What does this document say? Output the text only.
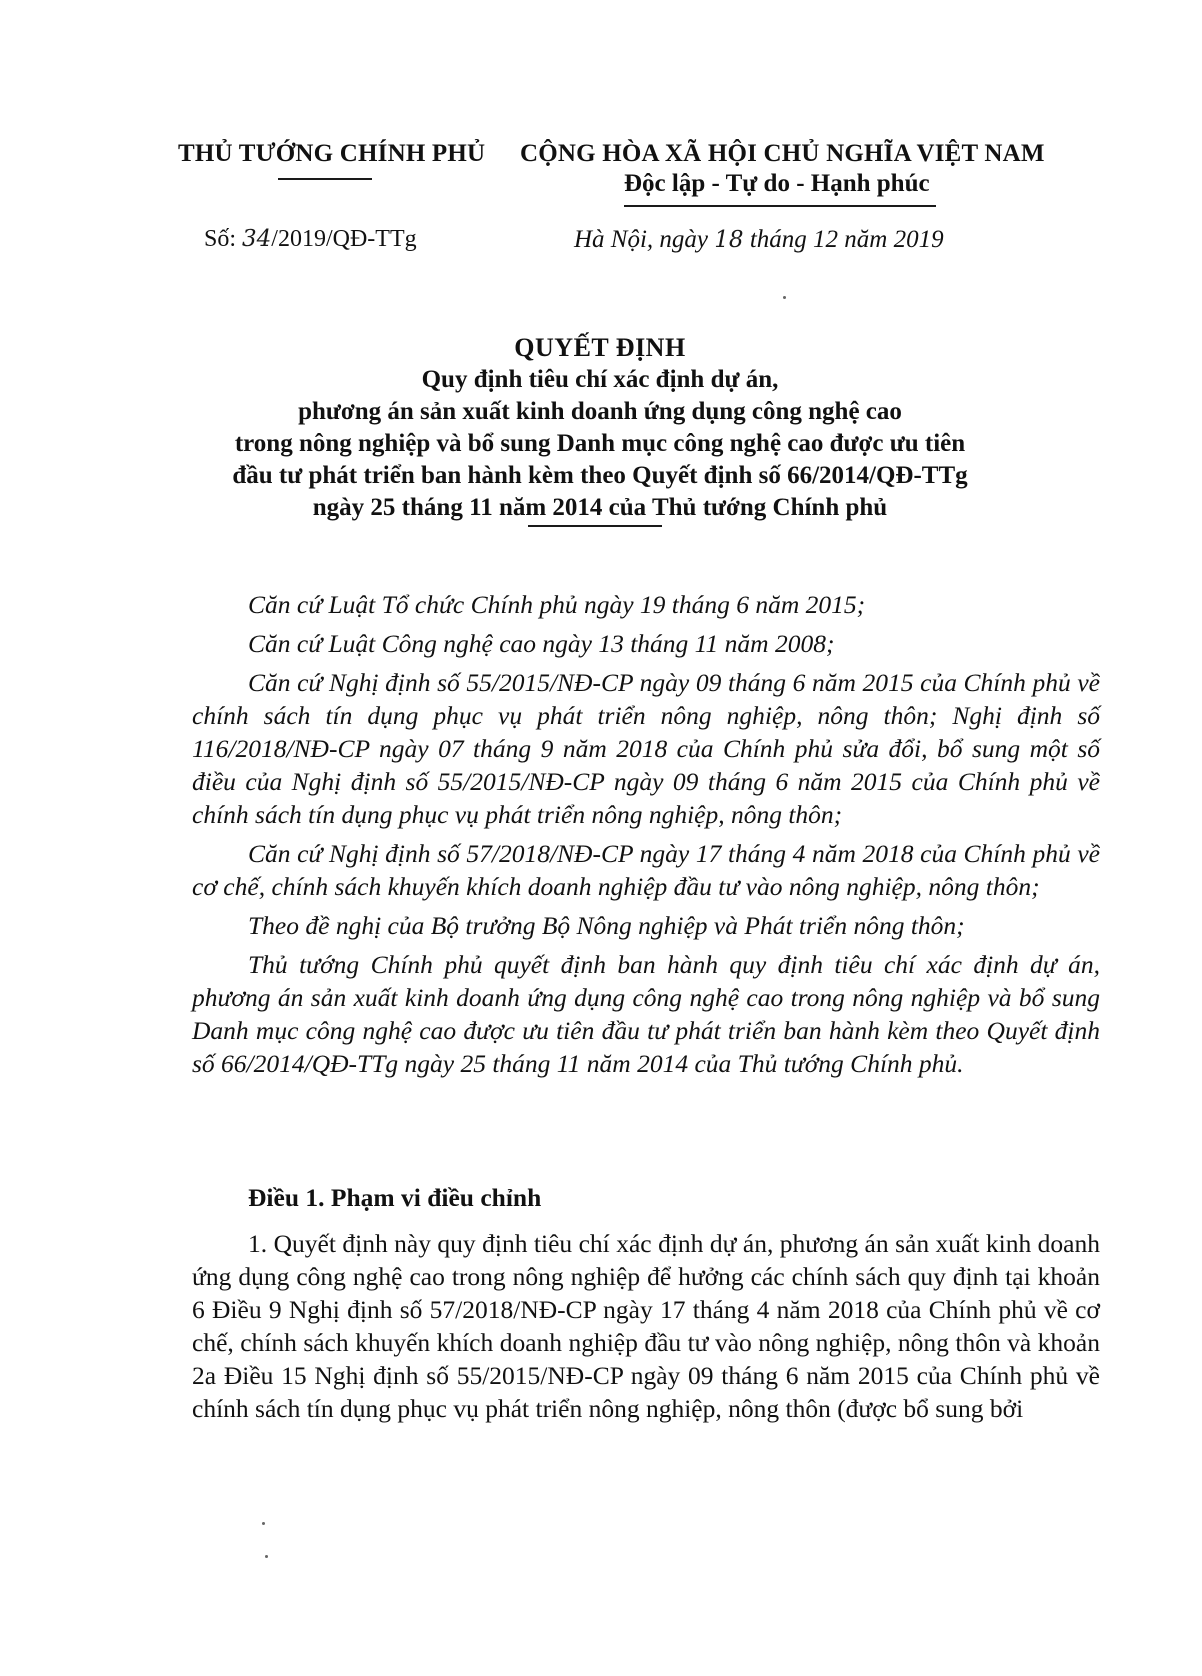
THỦ TƯỚNG CHÍNH PHỦ CỘNG HÒA XÃ HỘI CHỦ NGHĨA VIỆT NAM
Độc lập - Tự do - Hạnh phúc
Số: 34/2019/QĐ-TTg	Hà Nội, ngày 18 tháng 12 năm 2019
QUYẾT ĐỊNH
Quy định tiêu chí xác định dự án,
phương án sản xuất kinh doanh ứng dụng công nghệ cao
trong nông nghiệp và bổ sung Danh mục công nghệ cao được ưu tiên
đầu tư phát triển ban hành kèm theo Quyết định số 66/2014/QĐ-TTg
ngày 25 tháng 11 năm 2014 của Thủ tướng Chính phủ

Căn cứ Luật Tổ chức Chính phủ ngày 19 tháng 6 năm 2015;

Căn cứ Luật Công nghệ cao ngày 13 tháng 11 năm 2008;

Căn cứ Nghị định số 55/2015/NĐ-CP ngày 09 tháng 6 năm 2015 của Chính phủ về chính sách tín dụng phục vụ phát triển nông nghiệp, nông thôn; Nghị định số 116/2018/NĐ-CP ngày 07 tháng 9 năm 2018 của Chính phủ sửa đổi, bổ sung một số điều của Nghị định số 55/2015/NĐ-CP ngày 09 tháng 6 năm 2015 của Chính phủ về chính sách tín dụng phục vụ phát triển nông nghiệp, nông thôn;

Căn cứ Nghị định số 57/2018/NĐ-CP ngày 17 tháng 4 năm 2018 của Chính phủ về cơ chế, chính sách khuyến khích doanh nghiệp đầu tư vào nông nghiệp, nông thôn;

Theo đề nghị của Bộ trưởng Bộ Nông nghiệp và Phát triển nông thôn;

Thủ tướng Chính phủ quyết định ban hành quy định tiêu chí xác định dự án, phương án sản xuất kinh doanh ứng dụng công nghệ cao trong nông nghiệp và bổ sung Danh mục công nghệ cao được ưu tiên đầu tư phát triển ban hành kèm theo Quyết định số 66/2014/QĐ-TTg ngày 25 tháng 11 năm 2014 của Thủ tướng Chính phủ.

Điều 1. Phạm vi điều chỉnh

1. Quyết định này quy định tiêu chí xác định dự án, phương án sản xuất kinh doanh ứng dụng công nghệ cao trong nông nghiệp để hưởng các chính sách quy định tại khoản 6 Điều 9 Nghị định số 57/2018/NĐ-CP ngày 17 tháng 4 năm 2018 của Chính phủ về cơ chế, chính sách khuyến khích doanh nghiệp đầu tư vào nông nghiệp, nông thôn và khoản 2a Điều 15 Nghị định số 55/2015/NĐ-CP ngày 09 tháng 6 năm 2015 của Chính phủ về chính sách tín dụng phục vụ phát triển nông nghiệp, nông thôn (được bổ sung bởi
